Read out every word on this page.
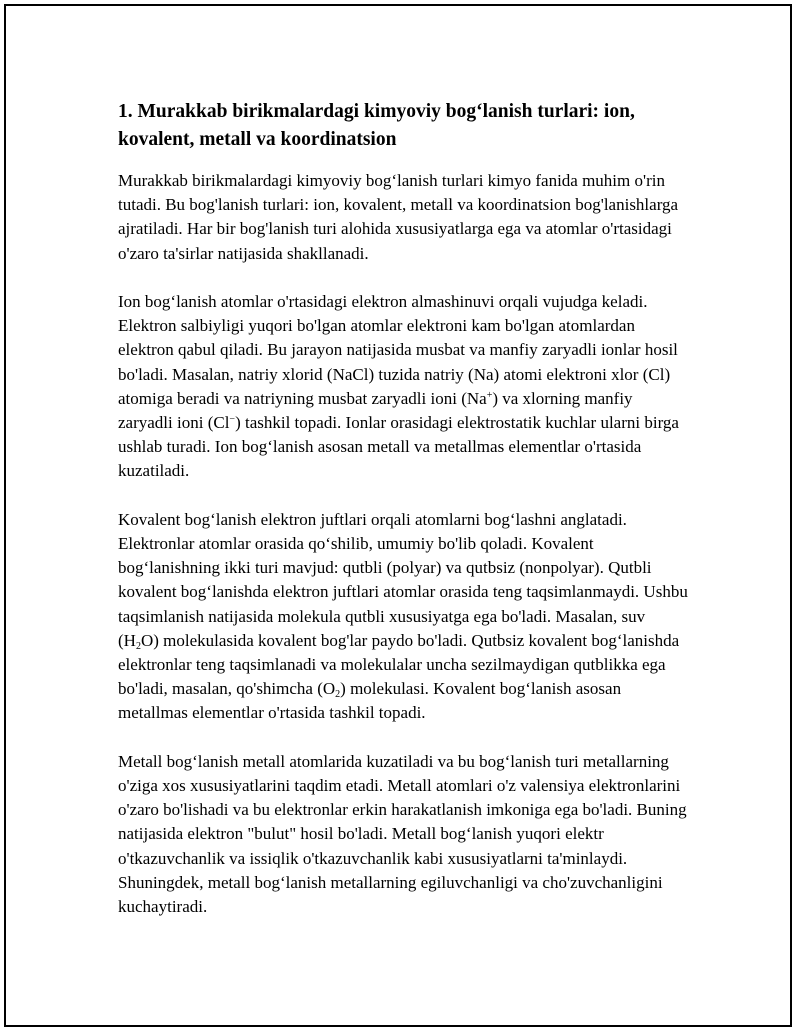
1. Murakkab birikmalardagi kimyoviy bog‘lanish turlari: ion, kovalent, metall va koordinatsion

Murakkab birikmalardagi kimyoviy bog‘lanish turlari kimyo fanida muhim o'rin tutadi. Bu bog'lanish turlari: ion, kovalent, metall va koordinatsion bog'lanishlarga ajratiladi. Har bir bog'lanish turi alohida xususiyatlarga ega va atomlar o'rtasidagi o'zaro ta'sirlar natijasida shakllanadi.

Ion bog‘lanish atomlar o'rtasidagi elektron almashinuvi orqali vujudga keladi. Elektron salbiyligi yuqori bo'lgan atomlar elektroni kam bo'lgan atomlardan elektron qabul qiladi. Bu jarayon natijasida musbat va manfiy zaryadli ionlar hosil bo'ladi. Masalan, natriy xlorid (NaCl) tuzida natriy (Na) atomi elektroni xlor (Cl) atomiga beradi va natriyning musbat zaryadli ioni (Na+) va xlorning manfiy zaryadli ioni (Cl−) tashkil topadi. Ionlar orasidagi elektrostatik kuchlar ularni birga ushlab turadi. Ion bog‘lanish asosan metall va metallmas elementlar o'rtasida kuzatiladi.

Kovalent bog‘lanish elektron juftlari orqali atomlarni bog‘lashni anglatadi. Elektronlar atomlar orasida qo‘shilib, umumiy bo'lib qoladi. Kovalent bog‘lanishning ikki turi mavjud: qutbli (polyar) va qutbsiz (nonpolyar). Qutbli kovalent bog‘lanishda elektron juftlari atomlar orasida teng taqsimlanmaydi. Ushbu taqsimlanish natijasida molekula qutbli xususiyatga ega bo'ladi. Masalan, suv $(H_2O)$ molekulasida kovalent bog'lar paydo bo'ladi. Qutbsiz kovalent bog‘lanishda elektronlar teng taqsimlanadi va molekulalar uncha sezilmaydigan qutblikka ega bo'ladi, masalan, qo'shimcha $(O_2)$ molekulasi. Kovalent bog‘lanish asosan metallmas elementlar o'rtasida tashkil topadi.

Metall bog‘lanish metall atomlarida kuzatiladi va bu bog‘lanish turi metallarning o'ziga xos xususiyatlarini taqdim etadi. Metall atomlari o'z valensiya elektronlarini o'zaro bo'lishadi va bu elektronlar erkin harakatlanish imkoniga ega bo'ladi. Buning natijasida elektron "bulut" hosil bo'ladi. Metall bog‘lanish yuqori elektr o'tkazuvchanlik va issiqlik o'tkazuvchanlik kabi xususiyatlarni ta'minlaydi. Shuningdek, metall bog‘lanish metallarning egiluvchanligi va cho'zuvchanligini kuchaytiradi.
